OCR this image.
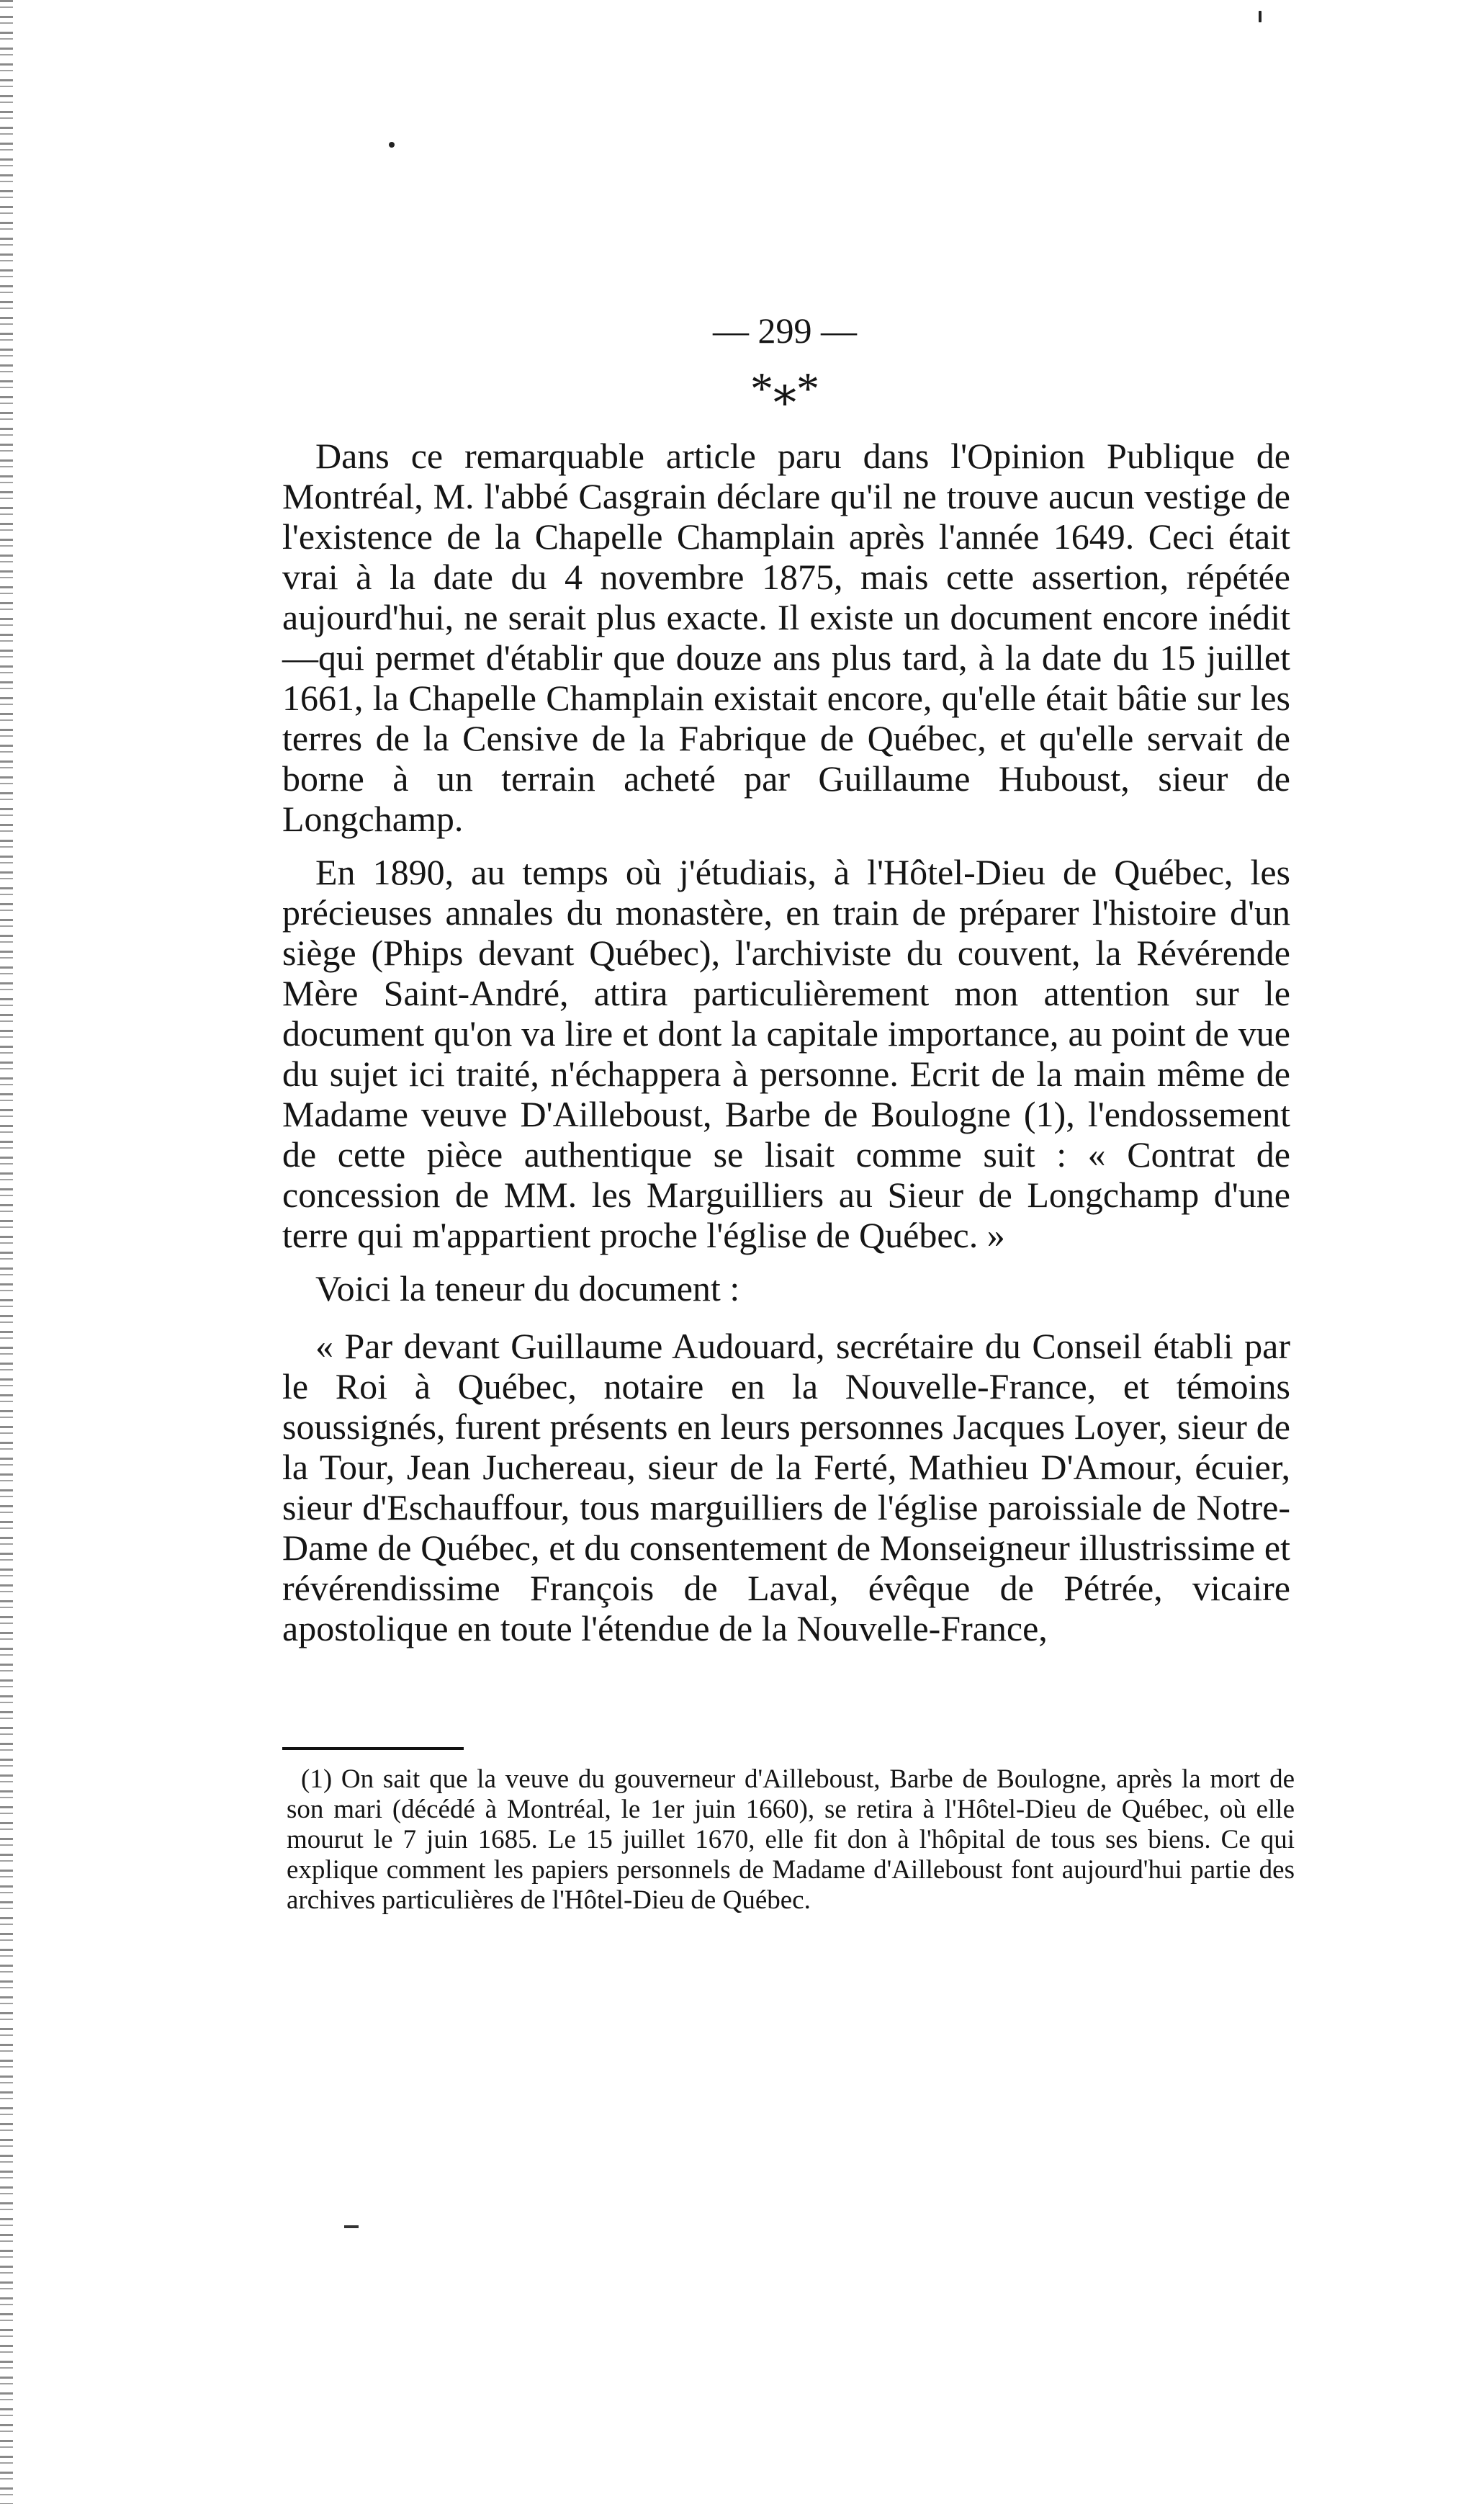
— 299 —
*⁎*

Dans ce remarquable article paru dans l'Opinion Publique de Montréal, M. l'abbé Casgrain déclare qu'il ne trouve aucun vestige de l'existence de la Chapelle Champlain après l'année 1649. Ceci était vrai à la date du 4 novembre 1875, mais cette assertion, répétée aujourd'hui, ne serait plus exacte. Il existe un document encore inédit—qui permet d'établir que douze ans plus tard, à la date du 15 juillet 1661, la Chapelle Champlain existait encore, qu'elle était bâtie sur les terres de la Censive de la Fabrique de Québec, et qu'elle servait de borne à un terrain acheté par Guillaume Huboust, sieur de Longchamp.

En 1890, au temps où j'étudiais, à l'Hôtel-Dieu de Québec, les précieuses annales du monastère, en train de préparer l'histoire d'un siège (Phips devant Québec), l'archiviste du couvent, la Révérende Mère Saint-André, attira particulièrement mon attention sur le document qu'on va lire et dont la capitale importance, au point de vue du sujet ici traité, n'échappera à personne. Ecrit de la main même de Madame veuve D'Ailleboust, Barbe de Boulogne (1), l'endossement de cette pièce authentique se lisait comme suit : « Contrat de concession de MM. les Marguilliers au Sieur de Longchamp d'une terre qui m'appartient proche l'église de Québec. »

Voici la teneur du document :

« Par devant Guillaume Audouard, secrétaire du Conseil établi par le Roi à Québec, notaire en la Nouvelle-France, et témoins soussignés, furent présents en leurs personnes Jacques Loyer, sieur de la Tour, Jean Juchereau, sieur de la Ferté, Mathieu D'Amour, écuier, sieur d'Eschauffour, tous marguilliers de l'église paroissiale de Notre-Dame de Québec, et du consentement de Monseigneur illustrissime et révérendissime François de Laval, évêque de Pétrée, vicaire apostolique en toute l'étendue de la Nouvelle-France,

(1) On sait que la veuve du gouverneur d'Ailleboust, Barbe de Boulogne, après la mort de son mari (décédé à Montréal, le 1er juin 1660), se retira à l'Hôtel-Dieu de Québec, où elle mourut le 7 juin 1685. Le 15 juillet 1670, elle fit don à l'hôpital de tous ses biens. Ce qui explique comment les papiers personnels de Madame d'Ailleboust font aujourd'hui partie des archives particulières de l'Hôtel-Dieu de Québec.
